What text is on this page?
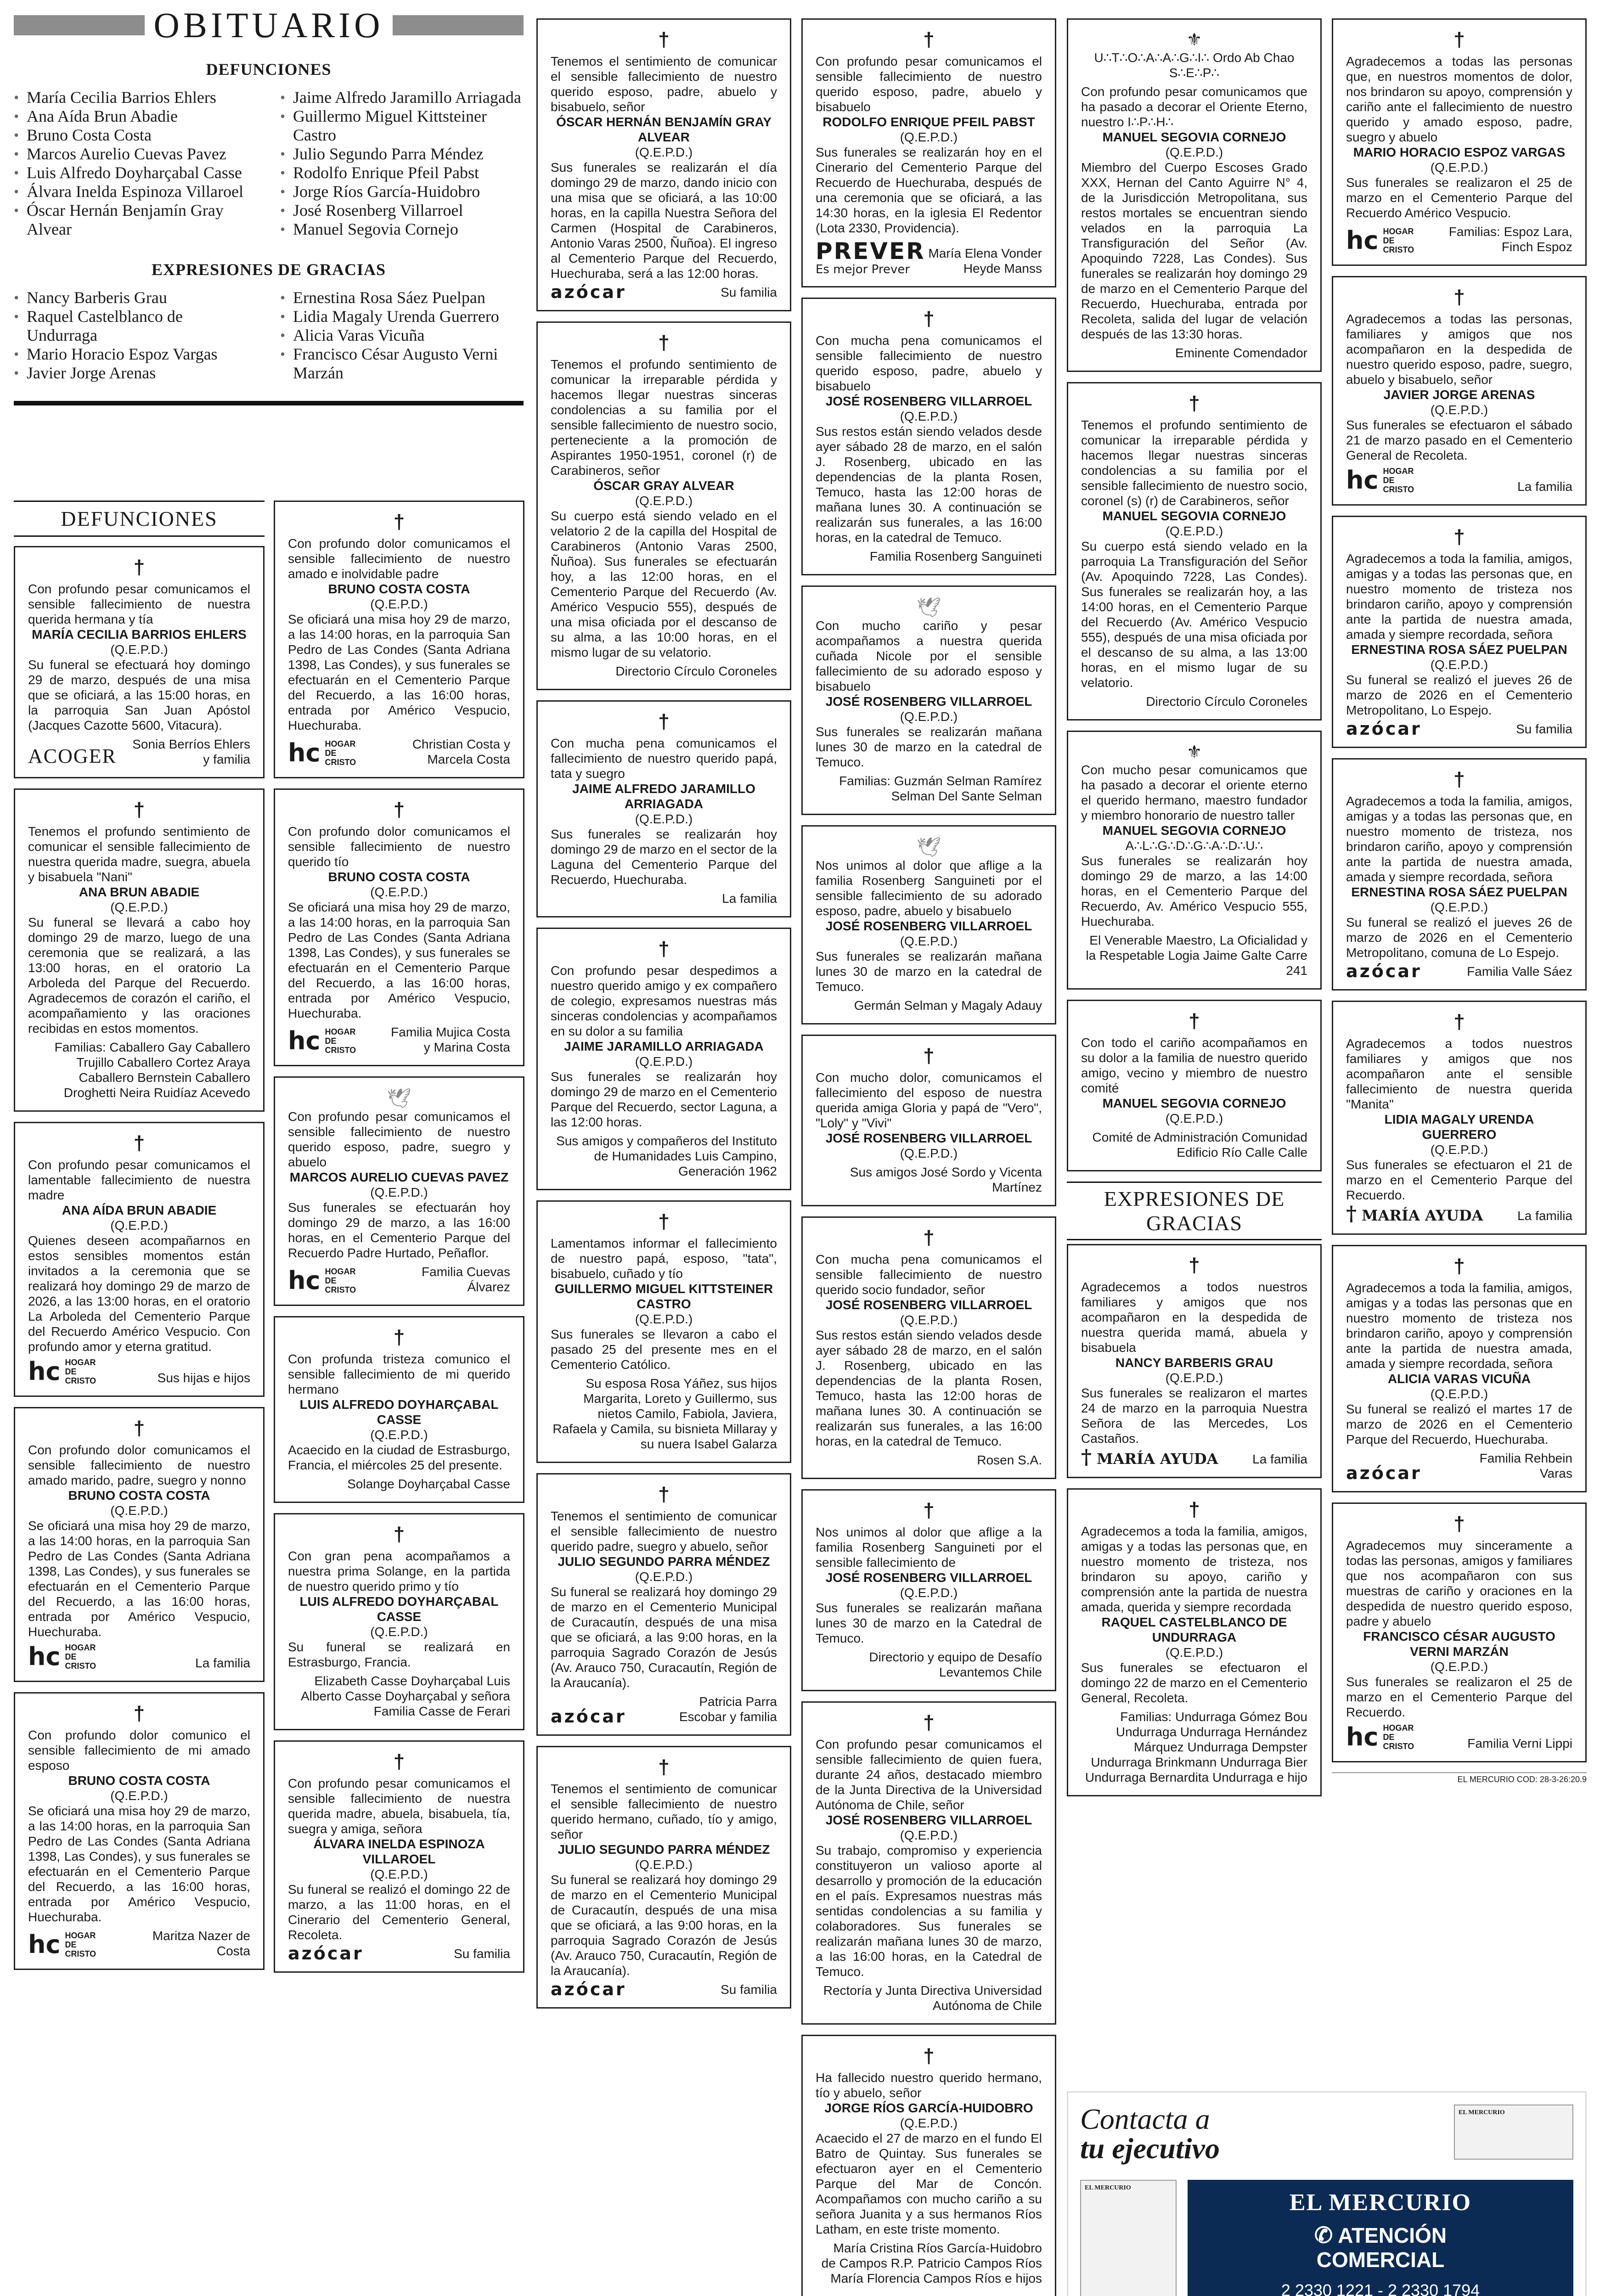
OBITUARIO
DEFUNCIONES
• María Cecilia Barrios Ehlers
• Ana Aída Brun Abadie
• Bruno Costa Costa
• Marcos Aurelio Cuevas Pavez
• Luis Alfredo Doyharçabal Casse
• Álvara Inelda Espinoza Villaroel
• Óscar Hernán Benjamín Gray Alvear
• Jaime Alfredo Jaramillo Arriagada
• Guillermo Miguel Kittsteiner Castro
• Julio Segundo Parra Méndez
• Rodolfo Enrique Pfeil Pabst
• Jorge Ríos García-Huidobro
• José Rosenberg Villarroel
• Manuel Segovia Cornejo
EXPRESIONES DE GRACIAS
• Nancy Barberis Grau
• Raquel Castelblanco de Undurraga
• Mario Horacio Espoz Vargas
• Javier Jorge Arenas
• Ernestina Rosa Sáez Puelpan
• Lidia Magaly Urenda Guerrero
• Alicia Varas Vicuña
• Francisco César Augusto Verni Marzán
DEFUNCIONES
†
Con profundo pesar comunicamos el sensible fallecimiento de nuestra querida hermana y tía
MARÍA CECILIA BARRIOS EHLERS
(Q.E.P.D.)
Su funeral se efectuará hoy domingo 29 de marzo, después de una misa que se oficiará, a las 15:00 horas, en la parroquia San Juan Apóstol (Jacques Cazotte 5600, Vitacura).
ACOGER
Sonia Berríos Ehlers y familia
†
Tenemos el profundo sentimiento de comunicar el sensible fallecimiento de nuestra querida madre, suegra, abuela y bisabuela "Nani"
ANA BRUN ABADIE
(Q.E.P.D.)
Su funeral se llevará a cabo hoy domingo 29 de marzo, luego de una ceremonia que se realizará, a las 13:00 horas, en el oratorio La Arboleda del Parque del Recuerdo. Agradecemos de corazón el cariño, el acompañamiento y las oraciones recibidas en estos momentos.
Familias: Caballero Gay Caballero Trujillo Caballero Cortez Araya Caballero Bernstein Caballero Droghetti Neira Ruidíaz Acevedo
†
Con profundo pesar comunicamos el lamentable fallecimiento de nuestra madre
ANA AÍDA BRUN ABADIE
(Q.E.P.D.)
Quienes deseen acompañarnos en estos sensibles momentos están invitados a la ceremonia que se realizará hoy domingo 29 de marzo de 2026, a las 13:00 horas, en el oratorio La Arboleda del Cementerio Parque del Recuerdo Américo Vespucio. Con profundo amor y eterna gratitud.
hc HOGAR DE CRISTO	Sus hijas e hijos
†
Con profundo dolor comunicamos el sensible fallecimiento de nuestro amado marido, padre, suegro y nonno
BRUNO COSTA COSTA
(Q.E.P.D.)
Se oficiará una misa hoy 29 de marzo, a las 14:00 horas, en la parroquia San Pedro de Las Condes (Santa Adriana 1398, Las Condes), y sus funerales se efectuarán en el Cementerio Parque del Recuerdo, a las 16:00 horas, entrada por Américo Vespucio, Huechuraba.
hc HOGAR DE CRISTO	La familia
†
Con profundo dolor comunico el sensible fallecimiento de mi amado esposo
BRUNO COSTA COSTA
(Q.E.P.D.)
Se oficiará una misa hoy 29 de marzo, a las 14:00 horas, en la parroquia San Pedro de Las Condes (Santa Adriana 1398, Las Condes), y sus funerales se efectuarán en el Cementerio Parque del Recuerdo, a las 16:00 horas, entrada por Américo Vespucio, Huechuraba.
hc HOGAR DE CRISTO
Maritza Nazer de Costa
†
Con profundo dolor comunicamos el sensible fallecimiento de nuestro amado e inolvidable padre
BRUNO COSTA COSTA
(Q.E.P.D.)
Se oficiará una misa hoy 29 de marzo, a las 14:00 horas, en la parroquia San Pedro de Las Condes (Santa Adriana 1398, Las Condes), y sus funerales se efectuarán en el Cementerio Parque del Recuerdo, a las 16:00 horas, entrada por Américo Vespucio, Huechuraba.
hc HOGAR DE CRISTO
Christian Costa y Marcela Costa
†
Con profundo dolor comunicamos el sensible fallecimiento de nuestro querido tío
BRUNO COSTA COSTA
(Q.E.P.D.)
Se oficiará una misa hoy 29 de marzo, a las 14:00 horas, en la parroquia San Pedro de Las Condes (Santa Adriana 1398, Las Condes), y sus funerales se efectuarán en el Cementerio Parque del Recuerdo, a las 16:00 horas, entrada por Américo Vespucio, Huechuraba.
hc HOGAR DE CRISTO
Familia Mujica Costa y Marina Costa
🕊
Con profundo pesar comunicamos el sensible fallecimiento de nuestro querido esposo, padre, suegro y abuelo
MARCOS AURELIO CUEVAS PAVEZ
(Q.E.P.D.)
Sus funerales se efectuarán hoy domingo 29 de marzo, a las 16:00 horas, en el Cementerio Parque del Recuerdo Padre Hurtado, Peñaflor.
hc HOGAR DE CRISTO
Familia Cuevas Álvarez
†
Con profunda tristeza comunico el sensible fallecimiento de mi querido hermano
LUIS ALFREDO DOYHARÇABAL CASSE
(Q.E.P.D.)
Acaecido en la ciudad de Estrasburgo, Francia, el miércoles 25 del presente.
Solange Doyharçabal Casse
†
Con gran pena acompañamos a nuestra prima Solange, en la partida de nuestro querido primo y tío
LUIS ALFREDO DOYHARÇABAL CASSE
(Q.E.P.D.)
Su funeral se realizará en Estrasburgo, Francia.
Elizabeth Casse Doyharçabal Luis Alberto Casse Doyharçabal y señora Familia Casse de Ferari
†
Con profundo pesar comunicamos el sensible fallecimiento de nuestra querida madre, abuela, bisabuela, tía, suegra y amiga, señora
ÁLVARA INELDA ESPINOZA VILLAROEL
(Q.E.P.D.)
Su funeral se realizó el domingo 22 de marzo, a las 11:00 horas, en el Cinerario del Cementerio General, Recoleta.
azócar	Su familia
†
Tenemos el sentimiento de comunicar el sensible fallecimiento de nuestro querido esposo, padre, abuelo y bisabuelo, señor
ÓSCAR HERNÁN BENJAMÍN GRAY ALVEAR
(Q.E.P.D.)
Sus funerales se realizarán el día domingo 29 de marzo, dando inicio con una misa que se oficiará, a las 10:00 horas, en la capilla Nuestra Señora del Carmen (Hospital de Carabineros, Antonio Varas 2500, Ñuñoa). El ingreso al Cementerio Parque del Recuerdo, Huechuraba, será a las 12:00 horas.
azócar	Su familia
†
Tenemos el profundo sentimiento de comunicar la irreparable pérdida y hacemos llegar nuestras sinceras condolencias a su familia por el sensible fallecimiento de nuestro socio, perteneciente a la promoción de Aspirantes 1950-1951, coronel (r) de Carabineros, señor
ÓSCAR GRAY ALVEAR
(Q.E.P.D.)
Su cuerpo está siendo velado en el velatorio 2 de la capilla del Hospital de Carabineros (Antonio Varas 2500, Ñuñoa). Sus funerales se efectuarán hoy, a las 12:00 horas, en el Cementerio Parque del Recuerdo (Av. Américo Vespucio 555), después de una misa oficiada por el descanso de su alma, a las 10:00 horas, en el mismo lugar de su velatorio.
Directorio Círculo Coroneles
†
Con mucha pena comunicamos el fallecimiento de nuestro querido papá, tata y suegro
JAIME ALFREDO JARAMILLO ARRIAGADA
(Q.E.P.D.)
Sus funerales se realizarán hoy domingo 29 de marzo en el sector de la Laguna del Cementerio Parque del Recuerdo, Huechuraba.
La familia
†
Con profundo pesar despedimos a nuestro querido amigo y ex compañero de colegio, expresamos nuestras más sinceras condolencias y acompañamos en su dolor a su familia
JAIME JARAMILLO ARRIAGADA
(Q.E.P.D.)
Sus funerales se realizarán hoy domingo 29 de marzo en el Cementerio Parque del Recuerdo, sector Laguna, a las 12:00 horas.
Sus amigos y compañeros del Instituto de Humanidades Luis Campino, Generación 1962
†
Lamentamos informar el fallecimiento de nuestro papá, esposo, "tata", bisabuelo, cuñado y tío
GUILLERMO MIGUEL KITTSTEINER CASTRO
(Q.E.P.D.)
Sus funerales se llevaron a cabo el pasado 25 del presente mes en el Cementerio Católico.
Su esposa Rosa Yáñez, sus hijos Margarita, Loreto y Guillermo, sus nietos Camilo, Fabiola, Javiera, Rafaela y Camila, su bisnieta Millaray y su nuera Isabel Galarza
†
Tenemos el sentimiento de comunicar el sensible fallecimiento de nuestro querido padre, suegro y abuelo, señor
JULIO SEGUNDO PARRA MÉNDEZ
(Q.E.P.D.)
Su funeral se realizará hoy domingo 29 de marzo en el Cementerio Municipal de Curacautín, después de una misa que se oficiará, a las 9:00 horas, en la parroquia Sagrado Corazón de Jesús (Av. Arauco 750, Curacautín, Región de la Araucanía).
azócar
Patricia Parra Escobar y familia
†
Tenemos el sentimiento de comunicar el sensible fallecimiento de nuestro querido hermano, cuñado, tío y amigo, señor
JULIO SEGUNDO PARRA MÉNDEZ
(Q.E.P.D.)
Su funeral se realizará hoy domingo 29 de marzo en el Cementerio Municipal de Curacautín, después de una misa que se oficiará, a las 9:00 horas, en la parroquia Sagrado Corazón de Jesús (Av. Arauco 750, Curacautín, Región de la Araucanía).
azócar	Su familia
†
Con profundo pesar comunicamos el sensible fallecimiento de nuestro querido esposo, padre, abuelo y bisabuelo
RODOLFO ENRIQUE PFEIL PABST
(Q.E.P.D.)
Sus funerales se realizarán hoy en el Cinerario del Cementerio Parque del Recuerdo de Huechuraba, después de una ceremonia que se oficiará, a las 14:30 horas, en la iglesia El Redentor (Lota 2330, Providencia).
PREVER
Es mejor Prever
María Elena Vonder Heyde Manss
†
Con mucha pena comunicamos el sensible fallecimiento de nuestro querido esposo, padre, abuelo y bisabuelo
JOSÉ ROSENBERG VILLARROEL
(Q.E.P.D.)
Sus restos están siendo velados desde ayer sábado 28 de marzo, en el salón J. Rosenberg, ubicado en las dependencias de la planta Rosen, Temuco, hasta las 12:00 horas de mañana lunes 30. A continuación se realizarán sus funerales, a las 16:00 horas, en la catedral de Temuco.
Familia Rosenberg Sanguineti
🕊
Con mucho cariño y pesar acompañamos a nuestra querida cuñada Nicole por el sensible fallecimiento de su adorado esposo y bisabuelo
JOSÉ ROSENBERG VILLARROEL
(Q.E.P.D.)
Sus funerales se realizarán mañana lunes 30 de marzo en la catedral de Temuco.
Familias: Guzmán Selman Ramírez Selman Del Sante Selman
🕊
Nos unimos al dolor que aflige a la familia Rosenberg Sanguineti por el sensible fallecimiento de su adorado esposo, padre, abuelo y bisabuelo
JOSÉ ROSENBERG VILLARROEL
(Q.E.P.D.)
Sus funerales se realizarán mañana lunes 30 de marzo en la catedral de Temuco.
Germán Selman y Magaly Adauy
†
Con mucho dolor, comunicamos el fallecimiento del esposo de nuestra querida amiga Gloria y papá de "Vero", "Loly" y "Vivi"
JOSÉ ROSENBERG VILLARROEL
(Q.E.P.D.)
Sus amigos José Sordo y Vicenta Martínez
†
Con mucha pena comunicamos el sensible fallecimiento de nuestro querido socio fundador, señor
JOSÉ ROSENBERG VILLARROEL
(Q.E.P.D.)
Sus restos están siendo velados desde ayer sábado 28 de marzo, en el salón J. Rosenberg, ubicado en las dependencias de la planta Rosen, Temuco, hasta las 12:00 horas de mañana lunes 30. A continuación se realizarán sus funerales, a las 16:00 horas, en la catedral de Temuco.
Rosen S.A.
†
Nos unimos al dolor que aflige a la familia Rosenberg Sanguineti por el sensible fallecimiento de
JOSÉ ROSENBERG VILLARROEL
(Q.E.P.D.)
Sus funerales se realizarán mañana lunes 30 de marzo en la Catedral de Temuco.
Directorio y equipo de Desafío Levantemos Chile
†
Con profundo pesar comunicamos el sensible fallecimiento de quien fuera, durante 24 años, destacado miembro de la Junta Directiva de la Universidad Autónoma de Chile, señor
JOSÉ ROSENBERG VILLARROEL
(Q.E.P.D.)
Su trabajo, compromiso y experiencia constituyeron un valioso aporte al desarrollo y promoción de la educación en el país. Expresamos nuestras más sentidas condolencias a su familia y colaboradores. Sus funerales se realizarán mañana lunes 30 de marzo, a las 16:00 horas, en la Catedral de Temuco.
Rectoría y Junta Directiva Universidad Autónoma de Chile
†
Ha fallecido nuestro querido hermano, tío y abuelo, señor
JORGE RÍOS GARCÍA-HUIDOBRO
(Q.E.P.D.)
Acaecido el 27 de marzo en el fundo El Batro de Quintay. Sus funerales se efectuaron ayer en el Cementerio Parque del Mar de Concón. Acompañamos con mucho cariño a su señora Juanita y a sus hermanos Ríos Latham, en este triste momento.
María Cristina Ríos García-Huidobro de Campos R.P. Patricio Campos Ríos María Florencia Campos Ríos e hijos
⚜
U∴T∴O∴A∴A∴G∴I∴ Ordo Ab Chao S∴E∴P∴
Con profundo pesar comunicamos que ha pasado a decorar el Oriente Eterno, nuestro I∴P∴H∴
MANUEL SEGOVIA CORNEJO
(Q.E.P.D.)
Miembro del Cuerpo Escoses Grado XXX, Hernan del Canto Aguirre N° 4, de la Jurisdicción Metropolitana, sus restos mortales se encuentran siendo velados en la parroquia La Transfiguración del Señor (Av. Apoquindo 7228, Las Condes). Sus funerales se realizarán hoy domingo 29 de marzo en el Cementerio Parque del Recuerdo, Huechuraba, entrada por Recoleta, salida del lugar de velación después de las 13:30 horas.
Eminente Comendador
†
Tenemos el profundo sentimiento de comunicar la irreparable pérdida y hacemos llegar nuestras sinceras condolencias a su familia por el sensible fallecimiento de nuestro socio, coronel (s) (r) de Carabineros, señor
MANUEL SEGOVIA CORNEJO
(Q.E.P.D.)
Su cuerpo está siendo velado en la parroquia La Transfiguración del Señor (Av. Apoquindo 7228, Las Condes). Sus funerales se realizarán hoy, a las 14:00 horas, en el Cementerio Parque del Recuerdo (Av. Américo Vespucio 555), después de una misa oficiada por el descanso de su alma, a las 13:00 horas, en el mismo lugar de su velatorio.
Directorio Círculo Coroneles
⚜
Con mucho pesar comunicamos que ha pasado a decorar el oriente eterno el querido hermano, maestro fundador y miembro honorario de nuestro taller
MANUEL SEGOVIA CORNEJO
A∴L∴G∴D∴G∴A∴D∴U∴
Sus funerales se realizarán hoy domingo 29 de marzo, a las 14:00 horas, en el Cementerio Parque del Recuerdo, Av. Américo Vespucio 555, Huechuraba.
El Venerable Maestro, La Oficialidad y la Respetable Logia Jaime Galte Carre 241
†
Con todo el cariño acompañamos en su dolor a la familia de nuestro querido amigo, vecino y miembro de nuestro comité
MANUEL SEGOVIA CORNEJO
(Q.E.P.D.)
Comité de Administración Comunidad Edificio Río Calle Calle
EXPRESIONES DE GRACIAS
†
Agradecemos a todos nuestros familiares y amigos que nos acompañaron en la despedida de nuestra querida mamá, abuela y bisabuela
NANCY BARBERIS GRAU
(Q.E.P.D.)
Sus funerales se realizaron el martes 24 de marzo en la parroquia Nuestra Señora de las Mercedes, Los Castaños.
† MARÍA AYUDA	La familia
†
Agradecemos a toda la familia, amigos, amigas y a todas las personas que, en nuestro momento de tristeza, nos brindaron su apoyo, cariño y comprensión ante la partida de nuestra amada, querida y siempre recordada
RAQUEL CASTELBLANCO DE UNDURRAGA
(Q.E.P.D.)
Sus funerales se efectuaron el domingo 22 de marzo en el Cementerio General, Recoleta.
Familias: Undurraga Gómez Bou Undurraga Undurraga Hernández Márquez Undurraga Dempster Undurraga Brinkmann Undurraga Bier Undurraga Bernardita Undurraga e hijo
†
Agradecemos a todas las personas que, en nuestros momentos de dolor, nos brindaron su apoyo, comprensión y cariño ante el fallecimiento de nuestro querido y amado esposo, padre, suegro y abuelo
MARIO HORACIO ESPOZ VARGAS
(Q.E.P.D.)
Sus funerales se realizaron el 25 de marzo en el Cementerio Parque del Recuerdo Américo Vespucio.
hc HOGAR DE CRISTO
Familias: Espoz Lara, Finch Espoz
†
Agradecemos a todas las personas, familiares y amigos que nos acompañaron en la despedida de nuestro querido esposo, padre, suegro, abuelo y bisabuelo, señor
JAVIER JORGE ARENAS
(Q.E.P.D.)
Sus funerales se efectuaron el sábado 21 de marzo pasado en el Cementerio General de Recoleta.
hc HOGAR DE CRISTO	La familia
†
Agradecemos a toda la familia, amigos, amigas y a todas las personas que, en nuestro momento de tristeza nos brindaron cariño, apoyo y comprensión ante la partida de nuestra amada, amada y siempre recordada, señora
ERNESTINA ROSA SÁEZ PUELPAN
(Q.E.P.D.)
Su funeral se realizó el jueves 26 de marzo de 2026 en el Cementerio Metropolitano, Lo Espejo.
azócar	Su familia
†
Agradecemos a toda la familia, amigos, amigas y a todas las personas que, en nuestro momento de tristeza, nos brindaron cariño, apoyo y comprensión ante la partida de nuestra amada, amada y siempre recordada, señora
ERNESTINA ROSA SÁEZ PUELPAN
(Q.E.P.D.)
Su funeral se realizó el jueves 26 de marzo de 2026 en el Cementerio Metropolitano, comuna de Lo Espejo.
azócar	Familia Valle Sáez
†
Agradecemos a todos nuestros familiares y amigos que nos acompañaron ante el sensible fallecimiento de nuestra querida "Manita"
LIDIA MAGALY URENDA GUERRERO
(Q.E.P.D.)
Sus funerales se efectuaron el 21 de marzo en el Cementerio Parque del Recuerdo.
† MARÍA AYUDA	La familia
†
Agradecemos a toda la familia, amigos, amigas y a todas las personas que en nuestro momento de tristeza nos brindaron cariño, apoyo y comprensión ante la partida de nuestra amada, amada y siempre recordada, señora
ALICIA VARAS VICUÑA
(Q.E.P.D.)
Su funeral se realizó el martes 17 de marzo de 2026 en el Cementerio Parque del Recuerdo, Huechuraba.
azócar
Familia Rehbein Varas
†
Agradecemos muy sinceramente a todas las personas, amigos y familiares que nos acompañaron con sus muestras de cariño y oraciones en la despedida de nuestro querido esposo, padre y abuelo
FRANCISCO CÉSAR AUGUSTO VERNI MARZÁN
(Q.E.P.D.)
Sus funerales se realizaron el 25 de marzo en el Cementerio Parque del Recuerdo.
hc HOGAR DE CRISTO	Familia Verni Lippi
EL MERCURIO COD: 28-3-26:20.9
Contacta a
tu ejecutivo
EL MERCURIO
EL MERCURIO
EL MERCURIO
✆ ATENCIÓN
COMERCIAL
2 2330 1221 - 2 2330 1794
